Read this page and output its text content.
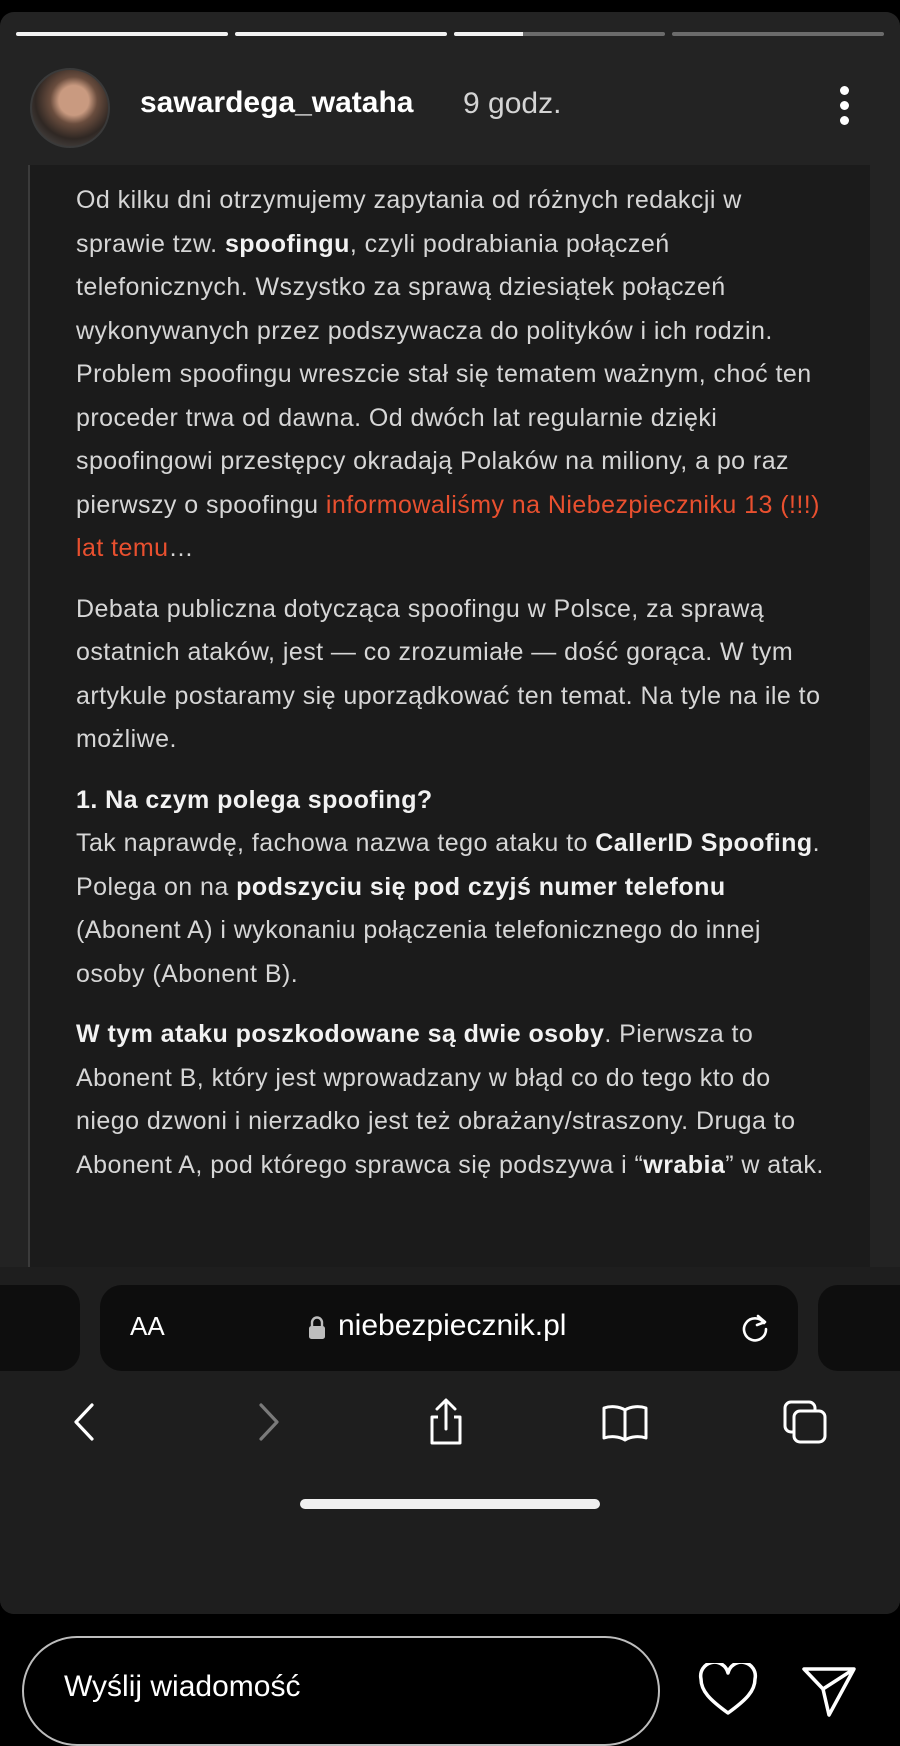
sawardega_wataha 9 godz.

Od kilku dni otrzymujemy zapytania od różnych redakcji w sprawie tzw. spoofingu, czyli podrabiania połączeń telefonicznych. Wszystko za sprawą dziesiątek połączeń wykonywanych przez podszywacza do polityków i ich rodzin. Problem spoofingu wreszcie stał się tematem ważnym, choć ten proceder trwa od dawna. Od dwóch lat regularnie dzięki spoofingowi przestępcy okradają Polaków na miliony, a po raz pierwszy o spoofingu informowaliśmy na Niebezpieczniku 13 (!!!) lat temu…

Debata publiczna dotycząca spoofingu w Polsce, za sprawą ostatnich ataków, jest — co zrozumiałe — dość gorąca. W tym artykule postaramy się uporządkować ten temat. Na tyle na ile to możliwe.

1. Na czym polega spoofing?

Tak naprawdę, fachowa nazwa tego ataku to CallerID Spoofing. Polega on na podszyciu się pod czyjś numer telefonu (Abonent A) i wykonaniu połączenia telefonicznego do innej osoby (Abonent B).

W tym ataku poszkodowane są dwie osoby. Pierwsza to Abonent B, który jest wprowadzany w błąd co do tego kto do niego dzwoni i nierzadko jest też obrażany/straszony. Druga to Abonent A, pod którego sprawca się podszywa i “wrabia” w atak.

AA	niebezpiecznik.pl
Wyślij wiadomość
